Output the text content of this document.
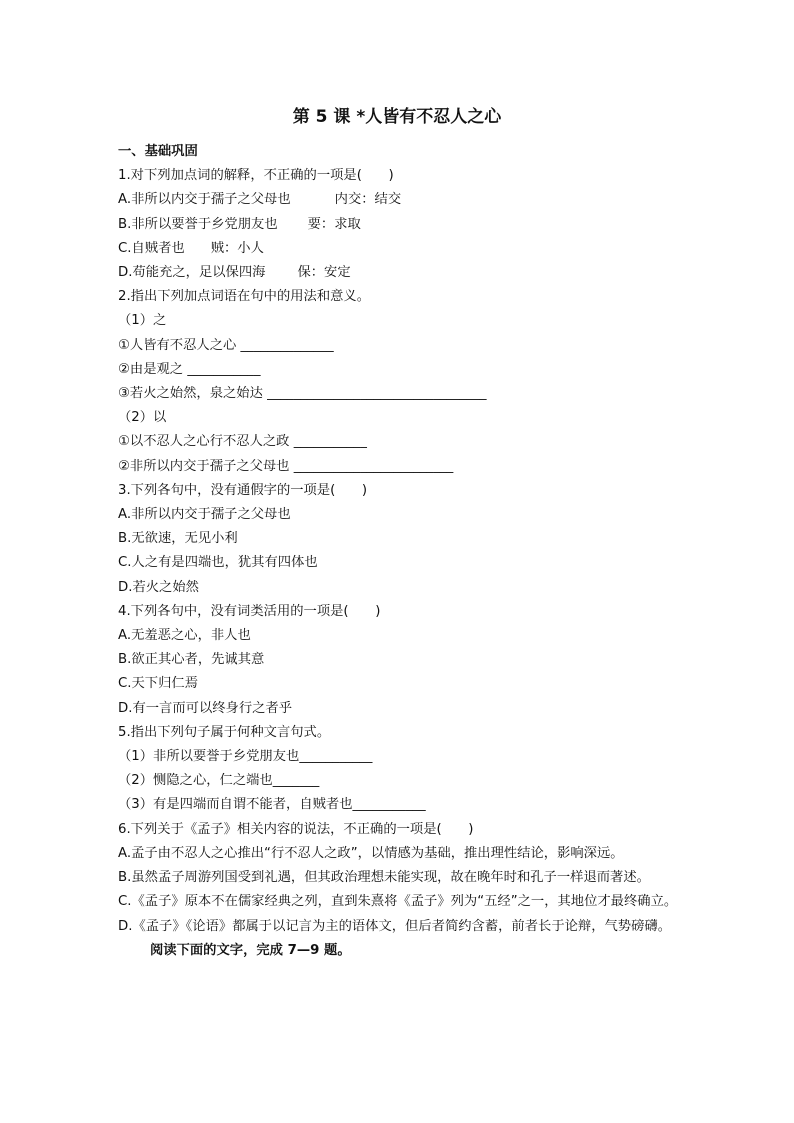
第 5 课 *人皆有不忍人之心
一、基础巩固
1.对下列加点词的解释，不正确的一项是(　　)
A.非所以内交于孺子之父母也	内交：结交
B.非所以要誉于乡党朋友也 要：求取
C.自贼者也 贼：小人
D.苟能充之，足以保四海 保：安定
2.指出下列加点词语在句中的用法和意义。
（1）之
①人皆有不忍人之心 ______________
②由是观之 ___________
③若火之始然，泉之始达 _________________________________
（2）以
①以不忍人之心行不忍人之政 ___________
②非所以内交于孺子之父母也 ________________________
3.下列各句中，没有通假字的一项是(　　)
A.非所以内交于孺子之父母也
B.无欲速，无见小利
C.人之有是四端也，犹其有四体也
D.若火之始然
4.下列各句中，没有词类活用的一项是(　　)
A.无羞恶之心，非人也
B.欲正其心者，先诚其意
C.天下归仁焉
D.有一言而可以终身行之者乎
5.指出下列句子属于何种文言句式。
（1）非所以要誉于乡党朋友也___________
（2）恻隐之心，仁之端也_______
（3）有是四端而自谓不能者，自贼者也___________
6.下列关于《孟子》相关内容的说法，不正确的一项是(　　)
A.孟子由不忍人之心推出“行不忍人之政”，以情感为基础，推出理性结论，影响深远。
B.虽然孟子周游列国受到礼遇，但其政治理想未能实现，故在晚年时和孔子一样退而著述。
C.《孟子》原本不在儒家经典之列，直到朱熹将《孟子》列为“五经”之一，其地位才最终确立。
D.《孟子》《论语》都属于以记言为主的语体文，但后者简约含蓄，前者长于论辩，气势磅礴。
阅读下面的文字，完成 7—9 题。
